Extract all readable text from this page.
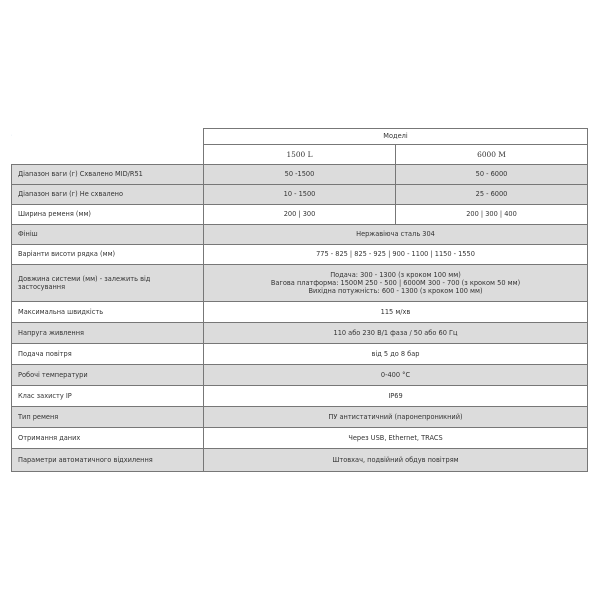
	Моделі	
	1500 L	6000 M
Діапазон ваги (г) Схвалено MID/R51	50 -1500	50 - 6000
Діапазон ваги (г) Не схвалено	10 - 1500	25 - 6000
Ширина ременя (мм)	200 | 300	200 | 300 | 400
Фініш	Нержавіюча сталь 304	
Варіанти висоти рядка (мм)	775 - 825 | 825 - 925 | 900 - 1100 | 1150 - 1550	
Довжина системи (мм) - залежить від застосування	Подача: 300 - 1300 (з кроком 100 мм)
Вагова платформа: 1500M 250 - 500 | 6000M 300 - 700 (з кроком 50 мм)
Вихідна потужність: 600 - 1300 (з кроком 100 мм)	

Максимальна швидкість	115 м/хв	
Напруга живлення	110 або 230 В/1 фаза / 50 або 60 Гц	
Подача повітря	від 5 до 8 бар	
Робочі температури	0-400 °C	
Клас захисту IP	IP69	
Тип ременя	ПУ антистатичний (паронепроникний)	
Отримання даних	Через USB, Ethernet, TRACS	
Параметри автоматичного відхилення	Штовхач, подвійний обдув повітрям	
